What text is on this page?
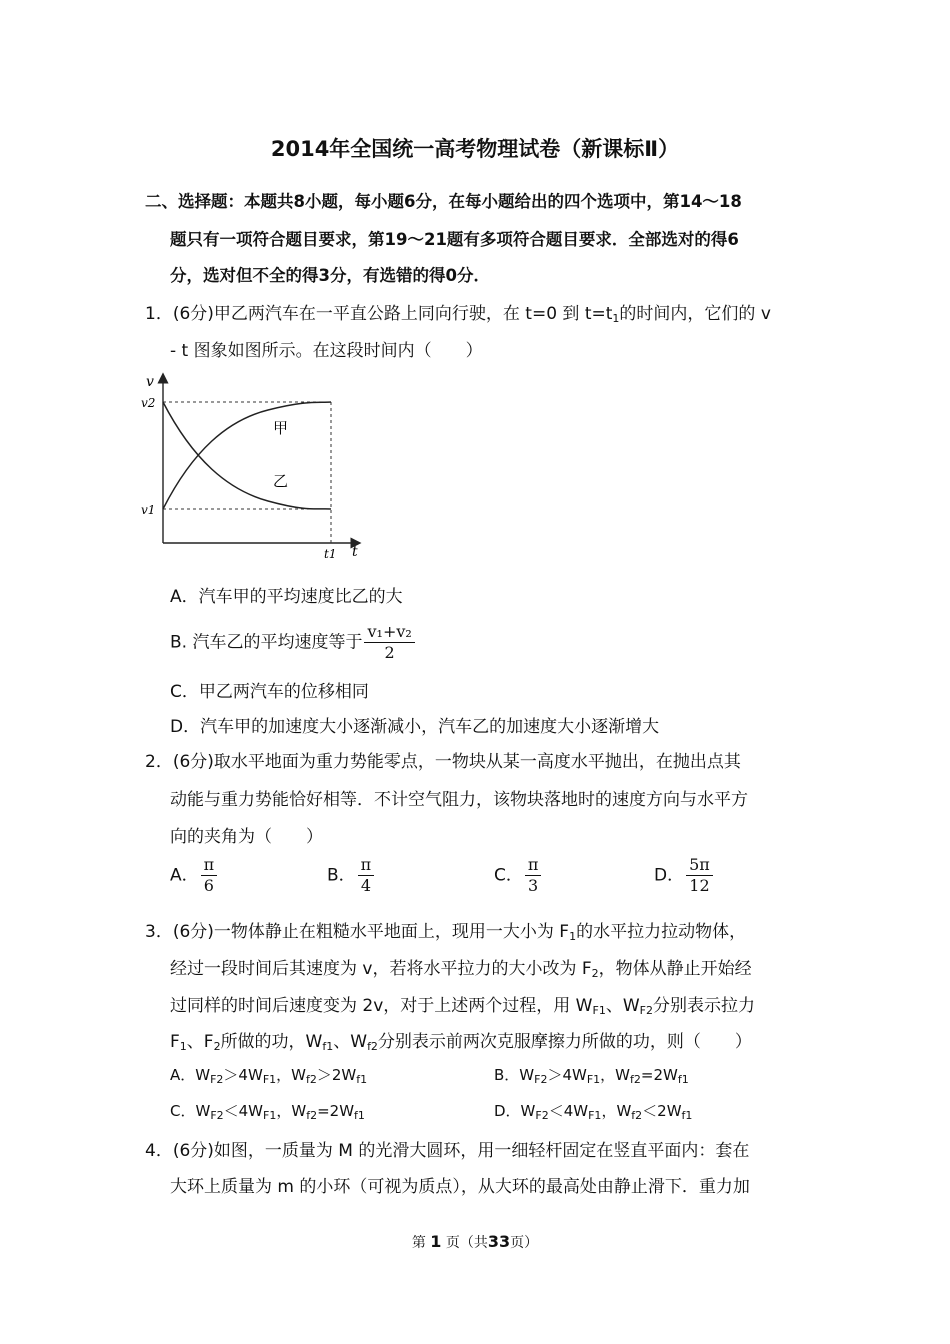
2014年全国统一高考物理试卷（新课标Ⅱ）
二、选择题：本题共8小题，每小题6分，在每小题给出的四个选项中，第14～18
题只有一项符合题目要求，第19～21题有多项符合题目要求．全部选对的得6
分，选对但不全的得3分，有选错的得0分．
1．(6分)甲乙两汽车在一平直公路上同向行驶，在 t=0 到 $t=t_1$的时间内，它们的 v
- t 图象如图所示。在这段时间内（　　）
v
t
v2
v1
t1
甲
乙
A．汽车甲的平均速度比乙的大
B. 汽车乙的平均速度等于 $\frac{\text{v₁+v₂}}{2}$
C．甲乙两汽车的位移相同
D．汽车甲的加速度大小逐渐减小，汽车乙的加速度大小逐渐增大
2．(6分)取水平地面为重力势能零点，一物块从某一高度水平抛出，在抛出点其
动能与重力势能恰好相等．不计空气阻力，该物块落地时的速度方向与水平方
向的夹角为（　　）
A． $\frac{\pi}{6}$	B． $\frac{\pi}{4}$	C． $\frac{\pi}{3}$	D． $\frac{5\pi}{12}$
3．(6分)一物体静止在粗糙水平地面上，现用一大小为 $F_1$的水平拉力拉动物体，
经过一段时间后其速度为 v，若将水平拉力的大小改为 $F_2$，物体从静止开始经
过同样的时间后速度变为 2v，对于上述两个过程，用 $W_{F1}$、$W_{F2}$分别表示拉力
$F_1$、$F_2$所做的功，$W_{f1}$、$W_{f2}$分别表示前两次克服摩擦力所做的功，则（　　）
A．$W_{F2}>4W_{F1}$，$W_{f2}>2W_{f1}$	B．$W_{F2}>4W_{F1}$，$W_{f2}=2W_{f1}$
C．$W_{F2}<4W_{F1}$，$W_{f2}=2W_{f1}$	D．$W_{F2}<4W_{F1}$，$W_{f2}<2W_{f1}$
4．(6分)如图，一质量为 M 的光滑大圆环，用一细轻杆固定在竖直平面内：套在
大环上质量为 m 的小环（可视为质点），从大环的最高处由静止滑下．重力加
第 1 页（共33页）
